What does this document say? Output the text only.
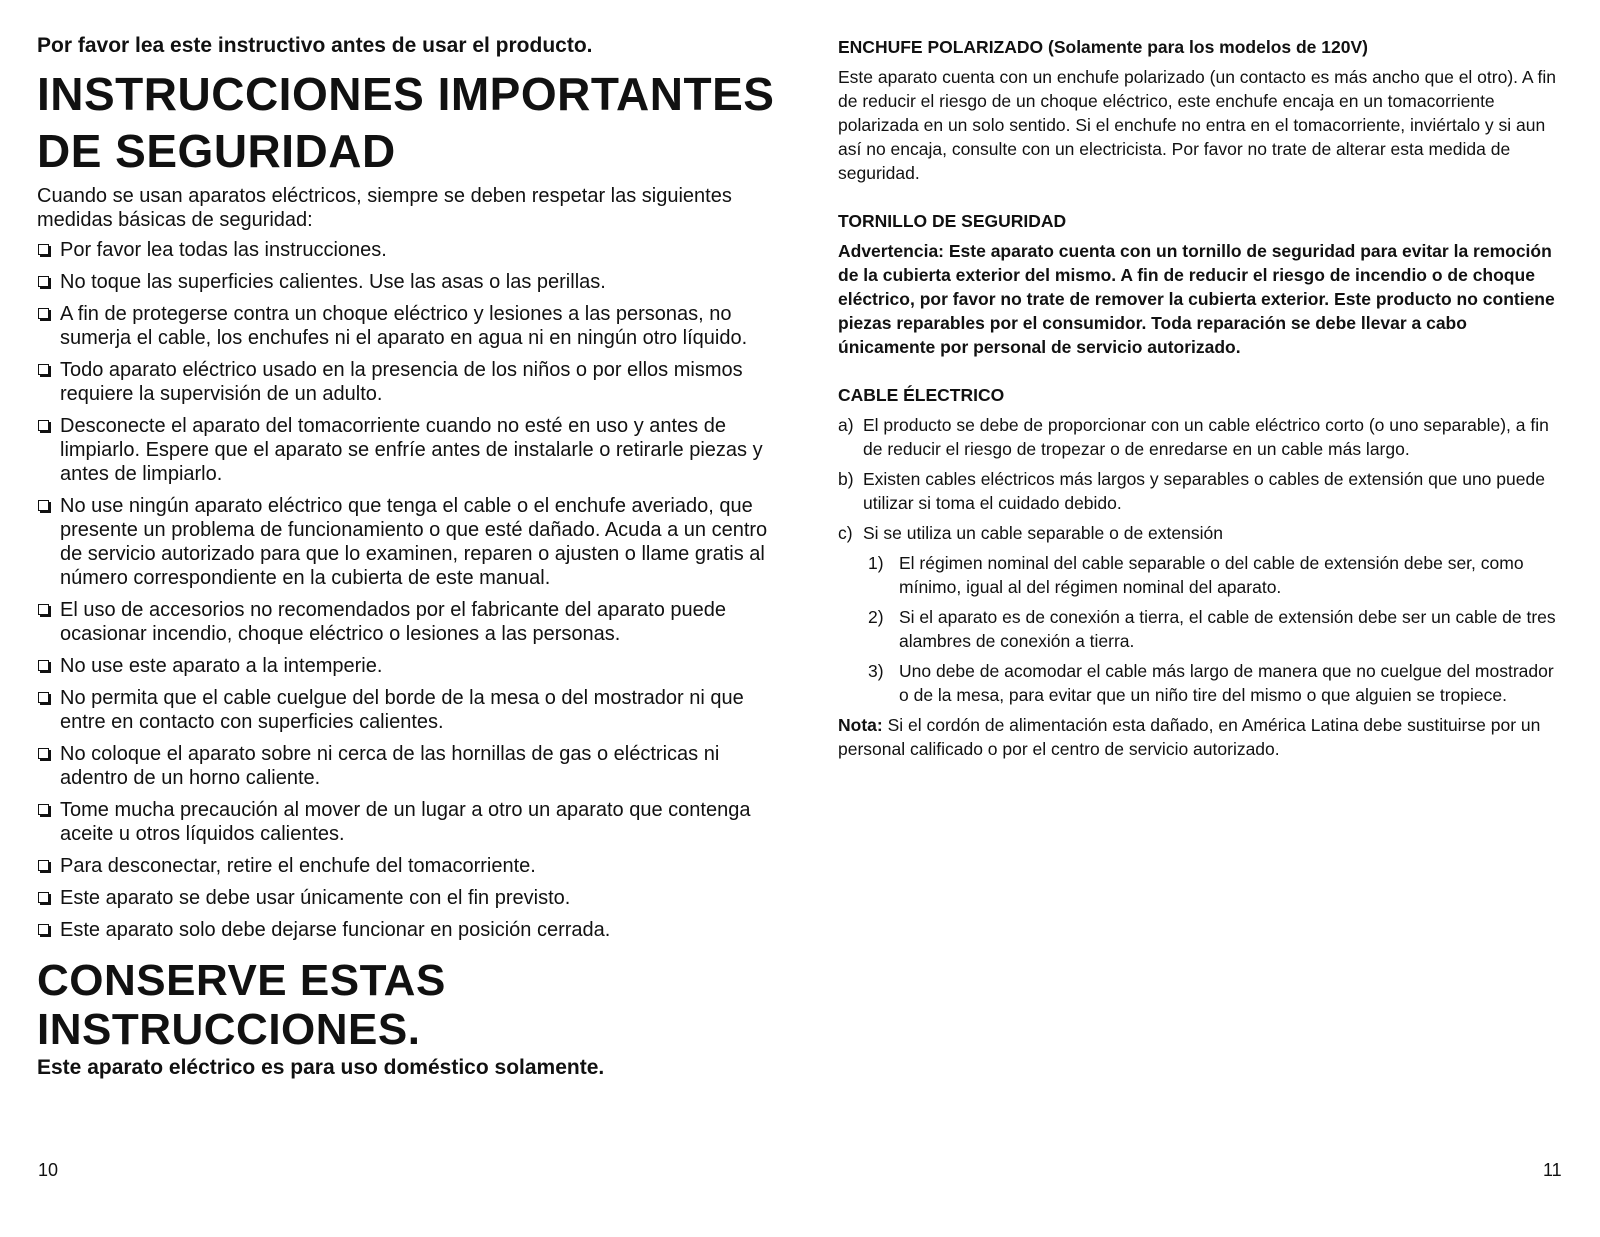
Por favor lea este instructivo antes de usar el producto.

INSTRUCCIONES IMPORTANTES
DE SEGURIDAD

Cuando se usan aparatos eléctricos, siempre se deben respetar las siguientes medidas básicas de seguridad:

Por favor lea todas las instrucciones.
No toque las superficies calientes. Use las asas o las perillas.
A fin de protegerse contra un choque eléctrico y lesiones a las personas, no sumerja el cable, los enchufes ni el aparato en agua ni en ningún otro líquido.
Todo aparato eléctrico usado en la presencia de los niños o por ellos mismos requiere la supervisión de un adulto.
Desconecte el aparato del tomacorriente cuando no esté en uso y antes de limpiarlo. Espere que el aparato se enfríe antes de instalarle o retirarle piezas y antes de limpiarlo.
No use ningún aparato eléctrico que tenga el cable o el enchufe averiado, que presente un problema de funcionamiento o que esté dañado. Acuda a un centro de servicio autorizado para que lo examinen, reparen o ajusten o llame gratis al número correspondiente en la cubierta de este manual.
El uso de accesorios no recomendados por el fabricante del aparato puede ocasionar incendio, choque eléctrico o lesiones a las personas.
No use este aparato a la intemperie.
No permita que el cable cuelgue del borde de la mesa o del mostrador ni que entre en contacto con superficies calientes.
No coloque el aparato sobre ni cerca de las hornillas de gas o eléctricas ni adentro de un horno caliente.
Tome mucha precaución al mover de un lugar a otro un aparato que contenga aceite u otros líquidos calientes.
Para desconectar, retire el enchufe del tomacorriente.
Este aparato se debe usar únicamente con el fin previsto.
Este aparato solo debe dejarse funcionar en posición cerrada.
CONSERVE ESTAS
INSTRUCCIONES.

Este aparato eléctrico es para uso doméstico solamente.

10

ENCHUFE POLARIZADO (Solamente para los modelos de 120V)

Este aparato cuenta con un enchufe polarizado (un contacto es más ancho que el otro). A fin de reducir el riesgo de un choque eléctrico, este enchufe encaja en un tomacorriente polarizada en un solo sentido. Si el enchufe no entra en el tomacorriente, inviértalo y si aun así no encaja, consulte con un electricista. Por favor no trate de alterar esta medida de seguridad.

TORNILLO DE SEGURIDAD

Advertencia: Este aparato cuenta con un tornillo de seguridad para evitar la remoción de la cubierta exterior del mismo. A fin de reducir el riesgo de incendio o de choque eléctrico, por favor no trate de remover la cubierta exterior. Este producto no contiene piezas reparables por el consumidor. Toda reparación se debe llevar a cabo únicamente por personal de servicio autorizado.

CABLE ÉLECTRICO

a) El producto se debe de proporcionar con un cable eléctrico corto (o uno separable), a fin de reducir el riesgo de tropezar o de enredarse en un cable más largo.
b) Existen cables eléctricos más largos y separables o cables de extensión que uno puede utilizar si toma el cuidado debido.
c) Si se utiliza un cable separable o de extensión
1) El régimen nominal del cable separable o del cable de extensión debe ser, como mínimo, igual al del régimen nominal del aparato.
2) Si el aparato es de conexión a tierra, el cable de extensión debe ser un cable de tres alambres de conexión a tierra.
3) Uno debe de acomodar el cable más largo de manera que no cuelgue del mostrador o de la mesa, para evitar que un niño tire del mismo o que alguien se tropiece.

Nota: Si el cordón de alimentación esta dañado, en América Latina debe sustituirse por un personal calificado o por el centro de servicio autorizado.

11
